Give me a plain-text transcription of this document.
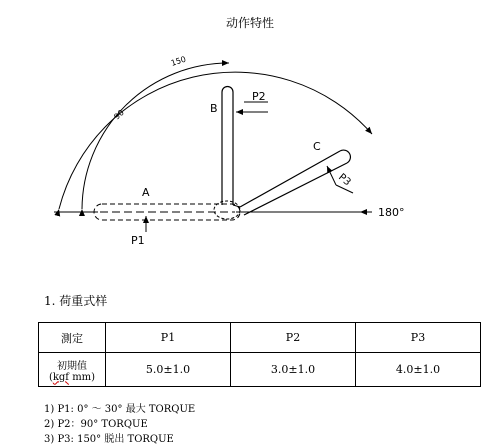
动作特性
150
90
A
B
C
P1
P2
P3
180°
1. 荷重式样
測定	P1	P2	P3

初期值
(kgf mm)	5.0±1.0	3.0±1.0	4.0±1.0
1) P1: 0° ～ 30° 最大 TORQUE
2) P2：90° TORQUE
3) P3: 150° 脱出 TORQUE
